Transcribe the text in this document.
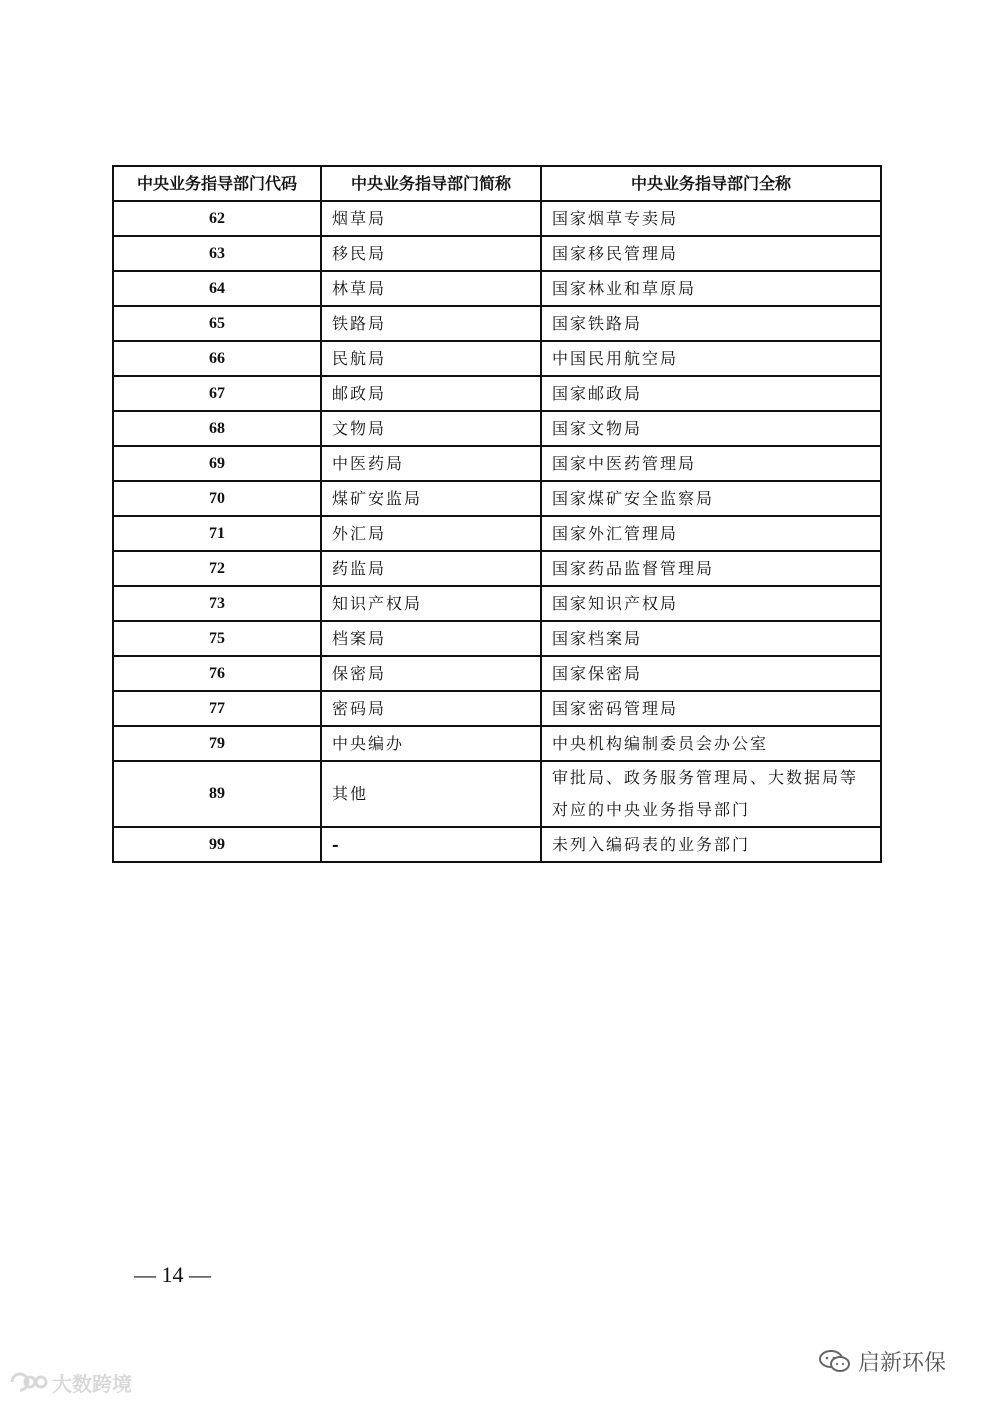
中央业务指导部门代码	中央业务指导部门简称	中央业务指导部门全称
62	烟草局	国家烟草专卖局
63	移民局	国家移民管理局
64	林草局	国家林业和草原局
65	铁路局	国家铁路局
66	民航局	中国民用航空局
67	邮政局	国家邮政局
68	文物局	国家文物局
69	中医药局	国家中医药管理局
70	煤矿安监局	国家煤矿安全监察局
71	外汇局	国家外汇管理局
72	药监局	国家药品监督管理局
73	知识产权局	国家知识产权局
75	档案局	国家档案局
76	保密局	国家保密局
77	密码局	国家密码管理局
79	中央编办	中央机构编制委员会办公室
89	其他	审批局、政务服务管理局、大数据局等对应的中央业务指导部门
99	-	未列入编码表的业务部门
— 14 —
大数跨境
启新环保
